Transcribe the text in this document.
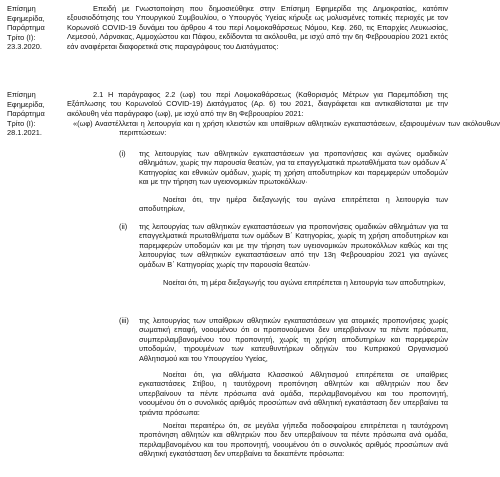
Επίσημη
Εφημερίδα,
Παράρτημα
Τρίτο (Ι):
23.3.2020.
Επίσημη
Εφημερίδα,
Παράρτημα
Τρίτο (Ι):
28.1.2021.
Επειδή με Γνωστοποίηση που δημοσιεύθηκε στην Επίσημη Εφημερίδα της Δημοκρατίας, κατόπιν εξουσιοδότησης του Υπουργικού Συμβουλίου, ο Υπουργός Υγείας κήρυξε ως μολυσμένες τοπικές περιοχές με τον Κορωνοϊό COVID-19 δυνάμει του άρθρου 4 του περί Λοιμοκαθάρσεως Νόμου, Κεφ. 260, τις Επαρχίες Λευκωσίας, Λεμεσού, Λάρνακας, Αμμοχώστου και Πάφου, εκδίδονται τα ακόλουθα, με ισχύ από την 6η Φεβρουαρίου 2021 εκτός εάν αναφέρεται διαφορετικά στις παραγράφους του Διατάγματος:
2.1 Η παράγραφος 2.2 (ωφ) του περί Λοιμοκαθάρσεως (Καθορισμός Μέτρων για Παρεμπόδιση της Εξάπλωσης του Κορωνοϊού COVID-19) Διατάγματος (Αρ. 6) του 2021, διαγράφεται και αντικαθίσταται με την ακόλουθη νέα παράγραφο (ωφ), με ισχύ από την 8η Φεβρουαρίου 2021:
«(ωφ) Αναστέλλεται η λειτουργία και η χρήση κλειστών και υπαίθριων αθλητικών εγκαταστάσεων, εξαιρουμένων των ακόλουθων περιπτώσεων:
(i) της λειτουργίας των αθλητικών εγκαταστάσεων για προπονήσεις και αγώνες ομαδικών αθλημάτων, χωρίς την παρουσία θεατών, για τα επαγγελματικά πρωταθλήματα των ομάδων Α΄ Κατηγορίας και εθνικών ομάδων, χωρίς τη χρήση αποδυτηρίων και παρεμφερών υποδομών και με την τήρηση των υγειονομικών πρωτοκόλλων·
Νοείται ότι, την ημέρα διεξαγωγής του αγώνα επιτρέπεται η λειτουργία των αποδυτηρίων,
(ii) της λειτουργίας των αθλητικών εγκαταστάσεων για προπονήσεις ομαδικών αθλημάτων για τα επαγγελματικά πρωταθλήματα των ομάδων Β΄ Κατηγορίας, χωρίς τη χρήση αποδυτηρίων και παρεμφερών υποδομών και με την τήρηση των υγειονομικών πρωτοκόλλων καθώς και της λειτουργίας των αθλητικών εγκαταστάσεων από την 13η Φεβρουαρίου 2021 για αγώνες ομάδων Β΄ Κατηγορίας χωρίς την παρουσία θεατών·
Νοείται ότι, τη μέρα διεξαγωγής του αγώνα επιτρέπεται η λειτουργία των αποδυτηρίων,
(iii) της λειτουργίας των υπαίθριων αθλητικών εγκαταστάσεων για ατομικές προπονήσεις χωρίς σωματική επαφή, νοουμένου ότι οι προπονούμενοι δεν υπερβαίνουν τα πέντε πρόσωπα, συμπεριλαμβανομένου του προπονητή, χωρίς τη χρήση αποδυτηρίων και παρεμφερών υποδομών, τηρουμένων των κατευθυντήριων οδηγιών του Κυπριακού Οργανισμού Αθλητισμού και του Υπουργείου Υγείας,
Νοείται ότι, για αθλήματα Κλασσικού Αθλητισμού επιτρέπεται σε υπαίθριες εγκαταστάσεις Στίβου, η ταυτόχρονη προπόνηση αθλητών και αθλητριών που δεν υπερβαίνουν τα πέντε πρόσωπα ανά ομάδα, περιλαμβανομένου και του προπονητή, νοουμένου ότι ο συνολικός αριθμός προσώπων ανά αθλητική εγκατάσταση δεν υπερβαίνει τα τριάντα πρόσωπα:
Νοείται περαιτέρω ότι, σε μεγάλα γήπεδα ποδοσφαίρου επιτρέπεται η ταυτόχρονη προπόνηση αθλητών και αθλητριών που δεν υπερβαίνουν τα πέντε πρόσωπα ανά ομάδα, περιλαμβανομένου και του προπονητή, νοουμένου ότι ο συνολικός αριθμός προσώπων ανά αθλητική εγκατάσταση δεν υπερβαίνει τα δεκαπέντε πρόσωπα:
